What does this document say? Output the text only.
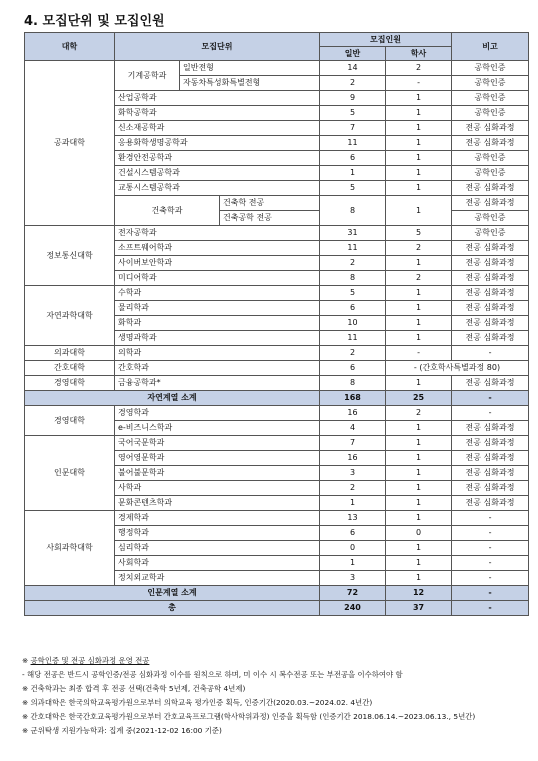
4. 모집단위 및 모집인원
대학	모집단위			모집인원		비고
				일반	학사	
공과대학	기계공학과	일반전형		14	2	공학인증
		자동차특성화특별전형		2	-	공학인증
	산업공학과			9	1	공학인증
	화학공학과			5	1	공학인증
	신소재공학과			7	1	전공 심화과정
	응용화학생명공학과			11	1	전공 심화과정
	환경안전공학과			6	1	공학인증
	건설시스템공학과			1	1	공학인증
	교통시스템공학과			5	1	전공 심화과정
	건축학과		건축학 전공	8	1	전공 심화과정
			건축공학 전공			공학인증
정보통신대학	전자공학과			31	5	공학인증
	소프트웨어학과			11	2	전공 심화과정
	사이버보안학과			2	1	전공 심화과정
	미디어학과			8	2	전공 심화과정
자연과학대학	수학과			5	1	전공 심화과정
	물리학과			6	1	전공 심화과정
	화학과			10	1	전공 심화과정
	생명과학과			11	1	전공 심화과정
의과대학	의학과			2	-	-
간호대학	간호학과			6	- (간호학사특별과정 80)	
경영대학	금융공학과*			8	1	전공 심화과정
자연계열 소계				168	25	-
경영대학	경영학과			16	2	-
	e-비즈니스학과			4	1	전공 심화과정
인문대학	국어국문학과			7	1	전공 심화과정
	영어영문학과			16	1	전공 심화과정
	불어불문학과			3	1	전공 심화과정
	사학과			2	1	전공 심화과정
	문화콘텐츠학과			1	1	전공 심화과정
사회과학대학	경제학과			13	1	-
	행정학과			6	0	-
	심리학과			0	1	-
	사회학과			1	1	-
	정치외교학과			3	1	-
인문계열 소계				72	12	-
총				240	37	-
※ 공학인증 및 전공 심화과정 운영 전공
- 해당 전공은 반드시 공학인증/전공 심화과정 이수를 원칙으로 하며, 미 이수 시 복수전공 또는 부전공을 이수하여야 함
※ 건축학과는 최종 합격 후 전공 선택(건축학 5년제, 건축공학 4년제)
※ 의과대학은 한국의학교육평가원으로부터 의학교육 평가인증 획득, 인증기간(2020.03.~2024.02. 4년간)
※ 간호대학은 한국간호교육평가원으로부터 간호교육프로그램(학사학위과정) 인증을 획득함 (인증기간 2018.06.14.~2023.06.13., 5년간)
※ 군위탁생 지원가능학과: 집계 중(2021-12-02 16:00 기준)
